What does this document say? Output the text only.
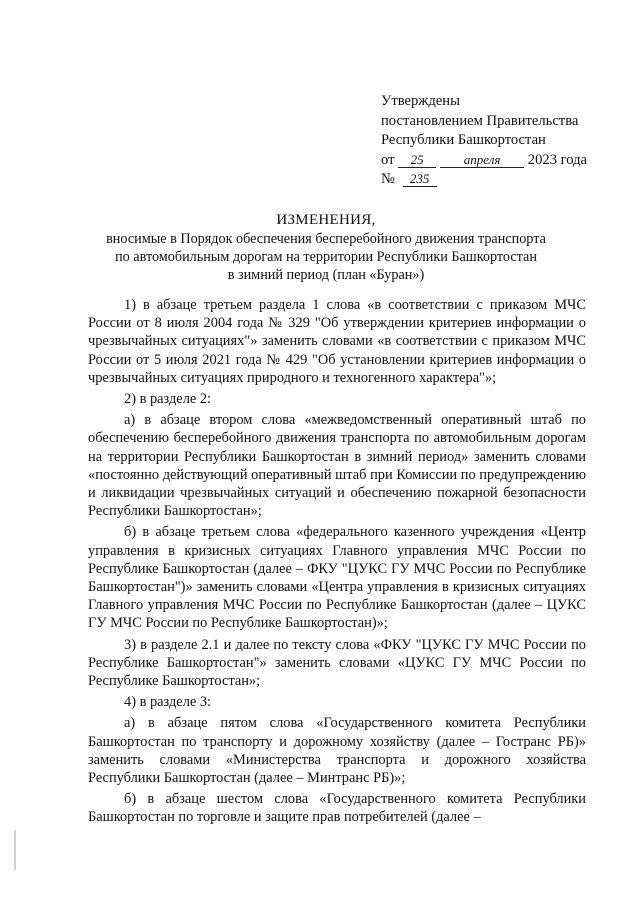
Утверждены
постановлением Правительства
Республики Башкортостан
от 25	апреля 2023 года
№ 235
ИЗМЕНЕНИЯ,
вносимые в Порядок обеспечения бесперебойного движения транспорта
по автомобильным дорогам на территории Республики Башкортостан
в зимний период (план «Буран»)

1) в абзаце третьем раздела 1 слова «в соответствии с приказом МЧС России от 8 июля 2004 года № 329 "Об утверждении критериев информации о чрезвычайных ситуациях"» заменить словами «в соответствии с приказом МЧС России от 5 июля 2021 года № 429 "Об установлении критериев информации о чрезвычайных ситуациях природного и техногенного характера"»;

2) в разделе 2:

а) в абзаце втором слова «межведомственный оперативный штаб по обеспечению бесперебойного движения транспорта по автомобильным дорогам на территории Республики Башкортостан в зимний период» заменить словами «постоянно действующий оперативный штаб при Комиссии по предупреждению и ликвидации чрезвычайных ситуаций и обеспечению пожарной безопасности Республики Башкортостан»;

б) в абзаце третьем слова «федерального казенного учреждения «Центр управления в кризисных ситуациях Главного управления МЧС России по Республике Башкортостан (далее – ФКУ "ЦУКС ГУ МЧС России по Республике Башкортостан")» заменить словами «Центра управления в кризисных ситуациях Главного управления МЧС России по Республике Башкортостан (далее – ЦУКС ГУ МЧС России по Республике Башкортостан)»;

3) в разделе 2.1 и далее по тексту слова «ФКУ "ЦУКС ГУ МЧС России по Республике Башкортостан"» заменить словами «ЦУКС ГУ МЧС России по Республике Башкортостан»;

4) в разделе 3:

а) в абзаце пятом слова «Государственного комитета Республики Башкортостан по транспорту и дорожному хозяйству (далее – Гостранс РБ)» заменить словами «Министерства транспорта и дорожного хозяйства Республики Башкортостан (далее – Минтранс РБ)»;

б) в абзаце шестом слова «Государственного комитета Республики Башкортостан по торговле и защите прав потребителей (далее –
